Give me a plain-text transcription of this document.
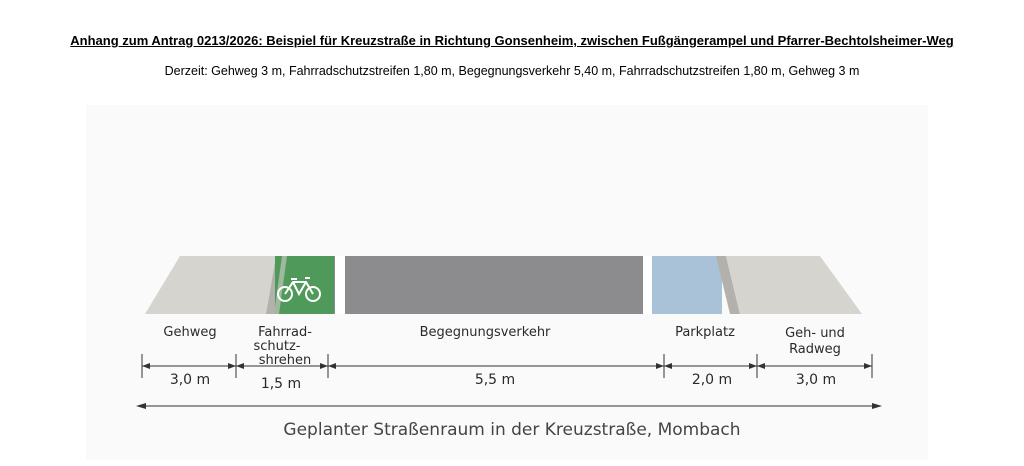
Anhang zum Antrag 0213/2026: Beispiel für Kreuzstraße in Richtung Gonsenheim, zwischen Fußgängerampel und Pfarrer-Bechtolsheimer-Weg
Derzeit: Gehweg 3 m, Fahrradschutzstreifen 1,80 m, Begegnungsverkehr 5,40 m, Fahrradschutzstreifen 1,80 m, Gehweg 3 m
Gehweg	Fahrrad-
schutz-
shrehen
Begegnungsverkehr	Parkplatz	Geh- und
Radweg
3,0 m	1,5 m	5,5 m	2,0 m	3,0 m
Geplanter Straßenraum in der Kreuzstraße, Mombach
